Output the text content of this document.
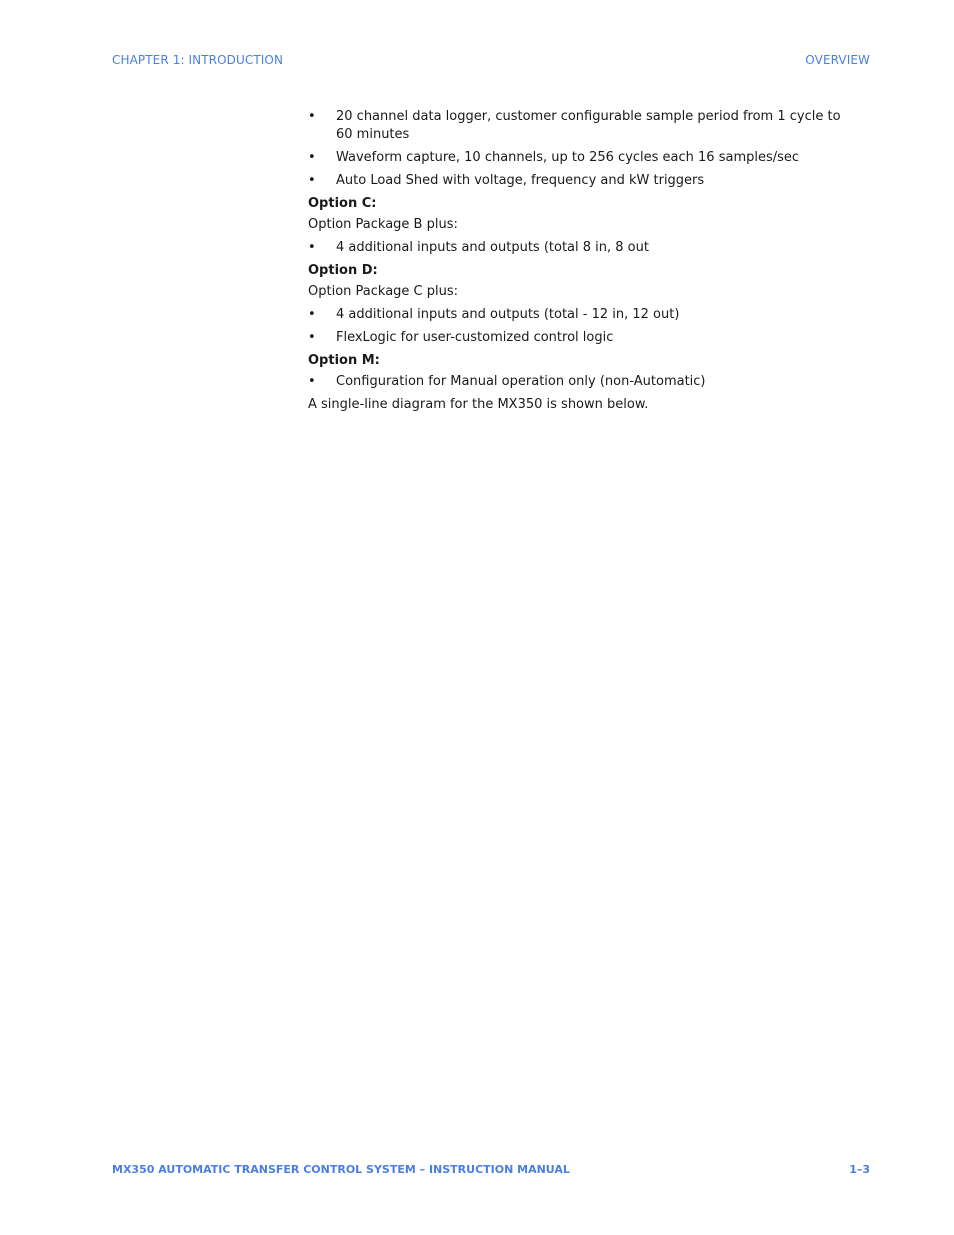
CHAPTER 1: INTRODUCTION	OVERVIEW
•	20 channel data logger, customer configurable sample period from 1 cycle to 60 minutes
•	Waveform capture, 10 channels, up to 256 cycles each 16 samples/sec
•	Auto Load Shed with voltage, frequency and kW triggers
Option C:
Option Package B plus:
•	4 additional inputs and outputs (total 8 in, 8 out
Option D:
Option Package C plus:
•	4 additional inputs and outputs (total - 12 in, 12 out)
•	FlexLogic for user-customized control logic
Option M:
•	Configuration for Manual operation only (non-Automatic)
A single-line diagram for the MX350 is shown below.
MX350 AUTOMATIC TRANSFER CONTROL SYSTEM – INSTRUCTION MANUAL	1–3
